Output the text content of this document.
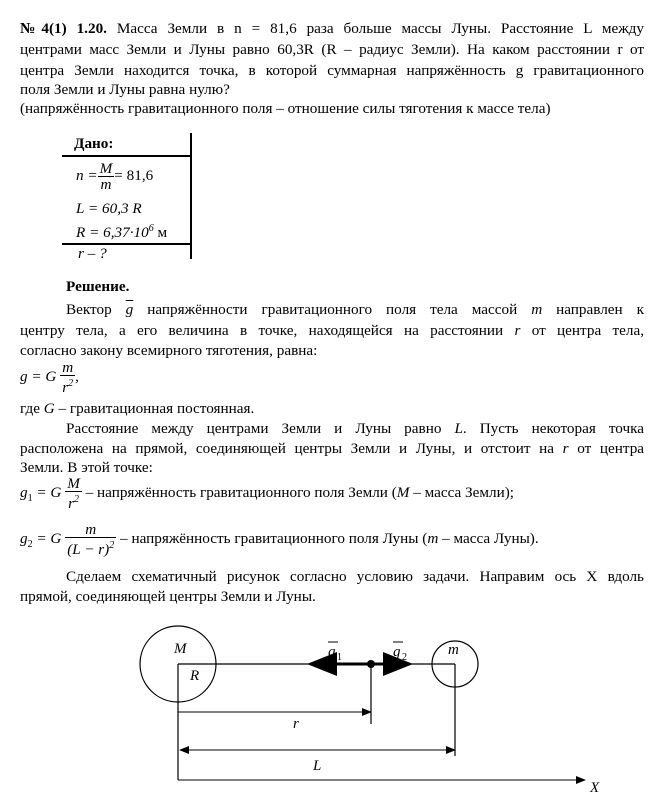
№4(1) 1.20. Масса Земли в n = 81,6 раза больше массы Луны. Расстояние L между

центрами масс Земли и Луны равно 60,3R (R – радиус Земли). На каком расстоянии r от

центра Земли находится точка, в которой суммарная напряжённость g гравитационного

поля Земли и Луны равна нулю?

(напряжённость гравитационного поля – отношение силы тяготения к массе тела)

Дано:
$n = \frac{M}{m} = 81,6$
L = 60,3 R
$R = 6,37\cdot 10^6$ м
r – ?
Решение.

Вектор $\overline{g}$ напряжённости гравитационного поля тела массой m направлен к

центру тела, а его величина в точке, находящейся на расстоянии r от центра тела,

согласно закону всемирного тяготения, равна:

g = G $\frac{m}{r^2}$ ,

где G – гравитационная постоянная.

Расстояние между центрами Земли и Луны равно L. Пусть некоторая точка

расположена на прямой, соединяющей центры Земли и Луны, и отстоит на r от центра

Земли. В этой точке:

$g_1 = G \frac{M}{r^2}$ – напряжённость гравитационного поля Земли (M – масса Земли);
$g_2 = G \frac{m}{(L - r)^2}$ – напряжённость гравитационного поля Луны (m – масса Луны).

Сделаем схематичный рисунок согласно условию задачи. Направим ось X вдоль

прямой, соединяющей центры Земли и Луны.

M
R
m
g 1	g 2
r
L
X
